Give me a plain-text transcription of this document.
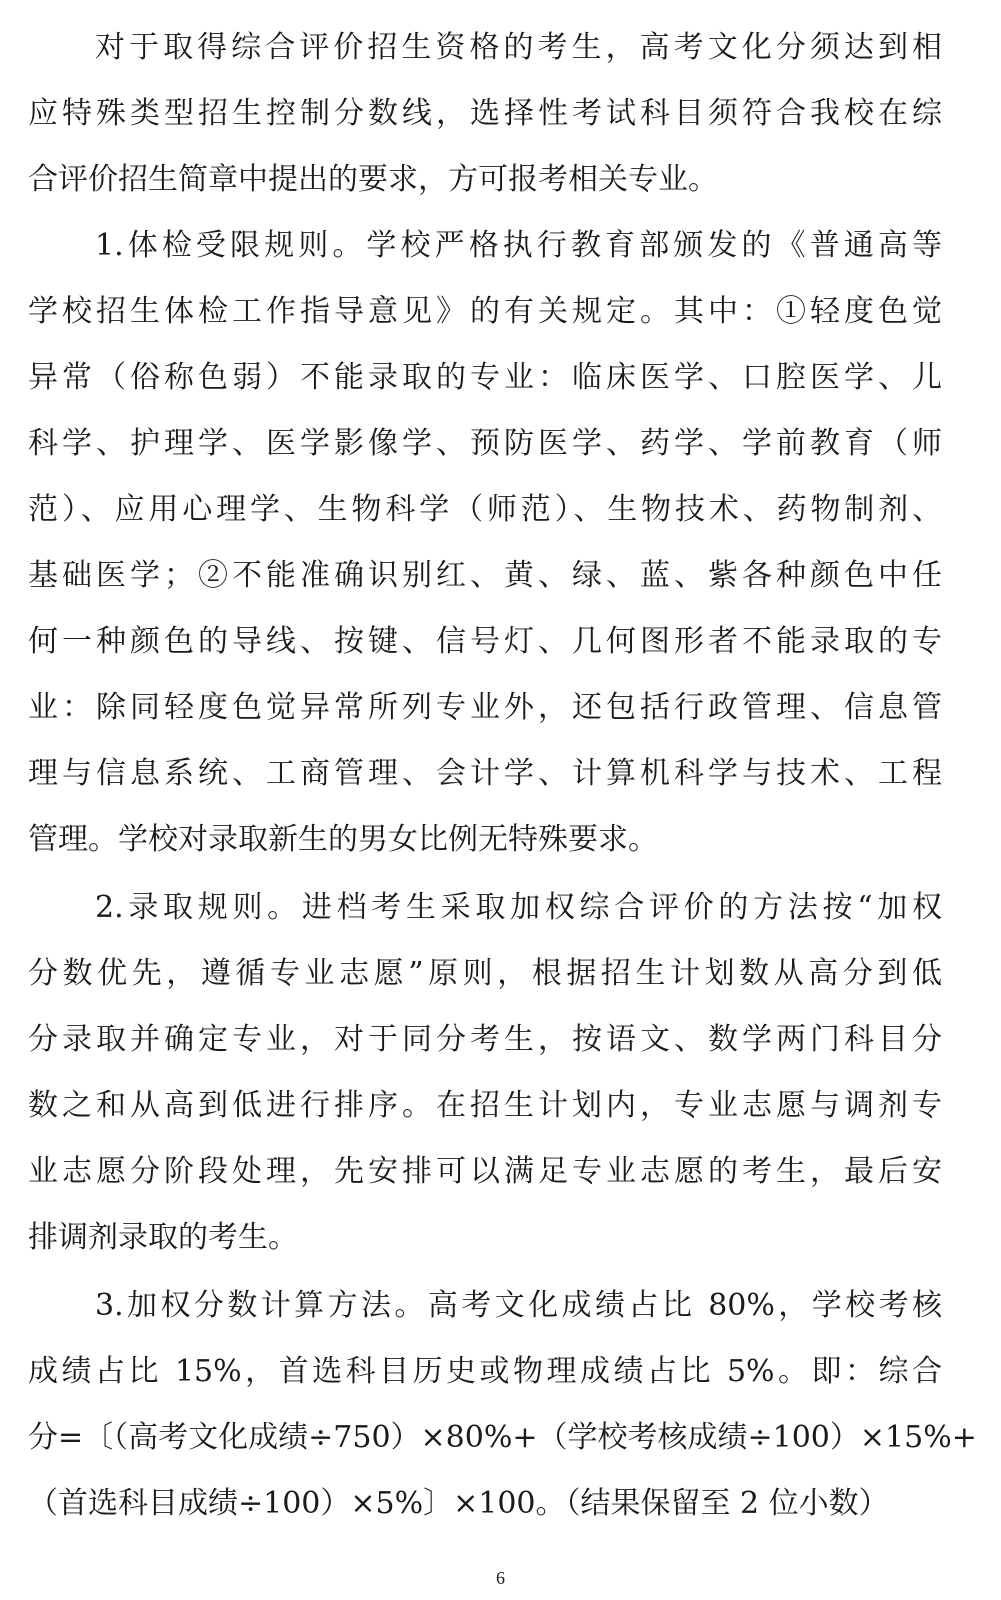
对于取得综合评价招生资格的考生，高考文化分须达到相
应特殊类型招生控制分数线，选择性考试科目须符合我校在综
合评价招生简章中提出的要求，方可报考相关专业。
1.体检受限规则。学校严格执行教育部颁发的《普通高等
学校招生体检工作指导意见》的有关规定。其中：①轻度色觉
异常（俗称色弱）不能录取的专业：临床医学、口腔医学、儿
科学、护理学、医学影像学、预防医学、药学、学前教育（师
范）、应用心理学、生物科学（师范）、生物技术、药物制剂、
基础医学；②不能准确识别红、黄、绿、蓝、紫各种颜色中任
何一种颜色的导线、按键、信号灯、几何图形者不能录取的专
业：除同轻度色觉异常所列专业外，还包括行政管理、信息管
理与信息系统、工商管理、会计学、计算机科学与技术、工程
管理。学校对录取新生的男女比例无特殊要求。
2.录取规则。进档考生采取加权综合评价的方法按“加权
分数优先，遵循专业志愿”原则，根据招生计划数从高分到低
分录取并确定专业，对于同分考生，按语文、数学两门科目分
数之和从高到低进行排序。在招生计划内，专业志愿与调剂专
业志愿分阶段处理，先安排可以满足专业志愿的考生，最后安
排调剂录取的考生。
3.加权分数计算方法。高考文化成绩占比 80%，学校考核
成绩占比 15%，首选科目历史或物理成绩占比 5%。即：综合
分=〔（高考文化成绩÷750）×80%+（学校考核成绩÷100）×15%+
（首选科目成绩÷100）×5%〕×100。（结果保留至 2 位小数）
6
